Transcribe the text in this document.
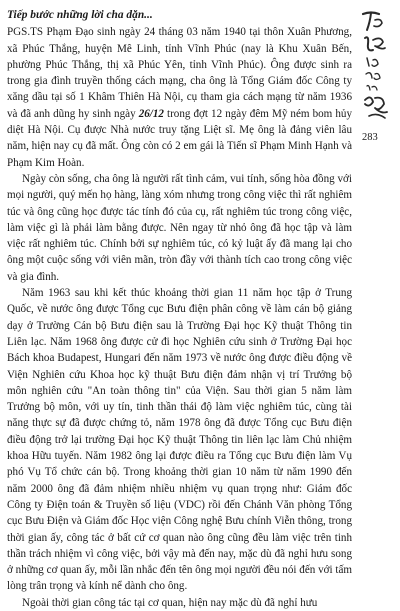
Tiếp bước những lời cha dặn...

PGS.TS Phạm Đạo sinh ngày 24 tháng 03 năm 1940 tại thôn Xuân Phương, xã Phúc Thắng, huyện Mê Linh, tỉnh Vĩnh Phúc (nay là Khu Xuân Bến, phường Phúc Thắng, thị xã Phúc Yên, tỉnh Vĩnh Phúc). Ông được sinh ra trong gia đình truyền thống cách mạng, cha ông là Tổng Giám đốc Công ty xăng dầu tại số 1 Khâm Thiên Hà Nội, cụ tham gia cách mạng từ năm 1936 và đã anh dũng hy sinh ngày 26/12 trong đợt 12 ngày đêm Mỹ ném bom hủy diệt Hà Nội. Cụ được Nhà nước truy tặng Liệt sĩ. Mẹ ông là đảng viên lâu năm, hiện nay cụ đã mất. Ông còn có 2 em gái là Tiến sĩ Phạm Minh Hạnh và Phạm Kim Hoàn.

Ngày còn sống, cha ông là người rất tình cảm, vui tính, sống hòa đồng với mọi người, quý mến họ hàng, làng xóm nhưng trong công việc thì rất nghiêm túc và ông cũng học được tác tính đó của cụ, rất nghiêm túc trong công việc, làm việc gì là phải làm bằng được. Nên ngay từ nhỏ ông đã học tập và làm việc rất nghiêm túc. Chính bởi sự nghiêm túc, có kỷ luật ấy đã mang lại cho ông một cuộc sống với viên mãn, tròn đầy với thành tích cao trong công việc và gia đình.

Năm 1963 sau khi kết thúc khoảng thời gian 11 năm học tập ở Trung Quốc, về nước ông được Tổng cục Bưu điện phân công về làm cán bộ giảng dạy ở Trường Cán bộ Bưu điện sau là Trường Đại học Kỹ thuật Thông tin Liên lạc. Năm 1968 ông được cử đi học Nghiên cứu sinh ở Trường Đại học Bách khoa Budapest, Hungari đến năm 1973 về nước ông được điều động về Viện Nghiên cứu Khoa học kỹ thuật Bưu điện đảm nhận vị trí Trưởng bộ môn nghiên cứu "An toàn thông tin" của Viện. Sau thời gian 5 năm làm Trưởng bộ môn, với uy tín, tinh thần thái độ làm việc nghiêm túc, cùng tài năng thực sự đã được chứng tỏ, năm 1978 ông đã được Tổng cục Bưu điện điều động trở lại trường Đại học Kỹ thuật Thông tin liên lạc làm Chủ nhiệm khoa Hữu tuyến. Năm 1982 ông lại được điều ra Tổng cục Bưu điện làm Vụ phó Vụ Tổ chức cán bộ. Trong khoảng thời gian 10 năm từ năm 1990 đến năm 2000 ông đã đảm nhiệm nhiều nhiệm vụ quan trọng như: Giám đốc Công ty Điện toán & Truyền số liệu (VDC) rồi đến Chánh Văn phòng Tổng cục Bưu Điện và Giám đốc Học viện Công nghệ Bưu chính Viễn thông, trong thời gian ấy, công tác ở bất cứ cơ quan nào ông cũng đều làm việc trên tinh thần trách nhiệm vì công việc, bởi vậy mà đến nay, mặc dù đã nghỉ hưu song ở những cơ quan ấy, mỗi lần nhắc đến tên ông mọi người đều nói đến với tấm lòng trân trọng và kính nể dành cho ông.

Ngoài thời gian công tác tại cơ quan, hiện nay mặc dù đã nghỉ hưu

283
